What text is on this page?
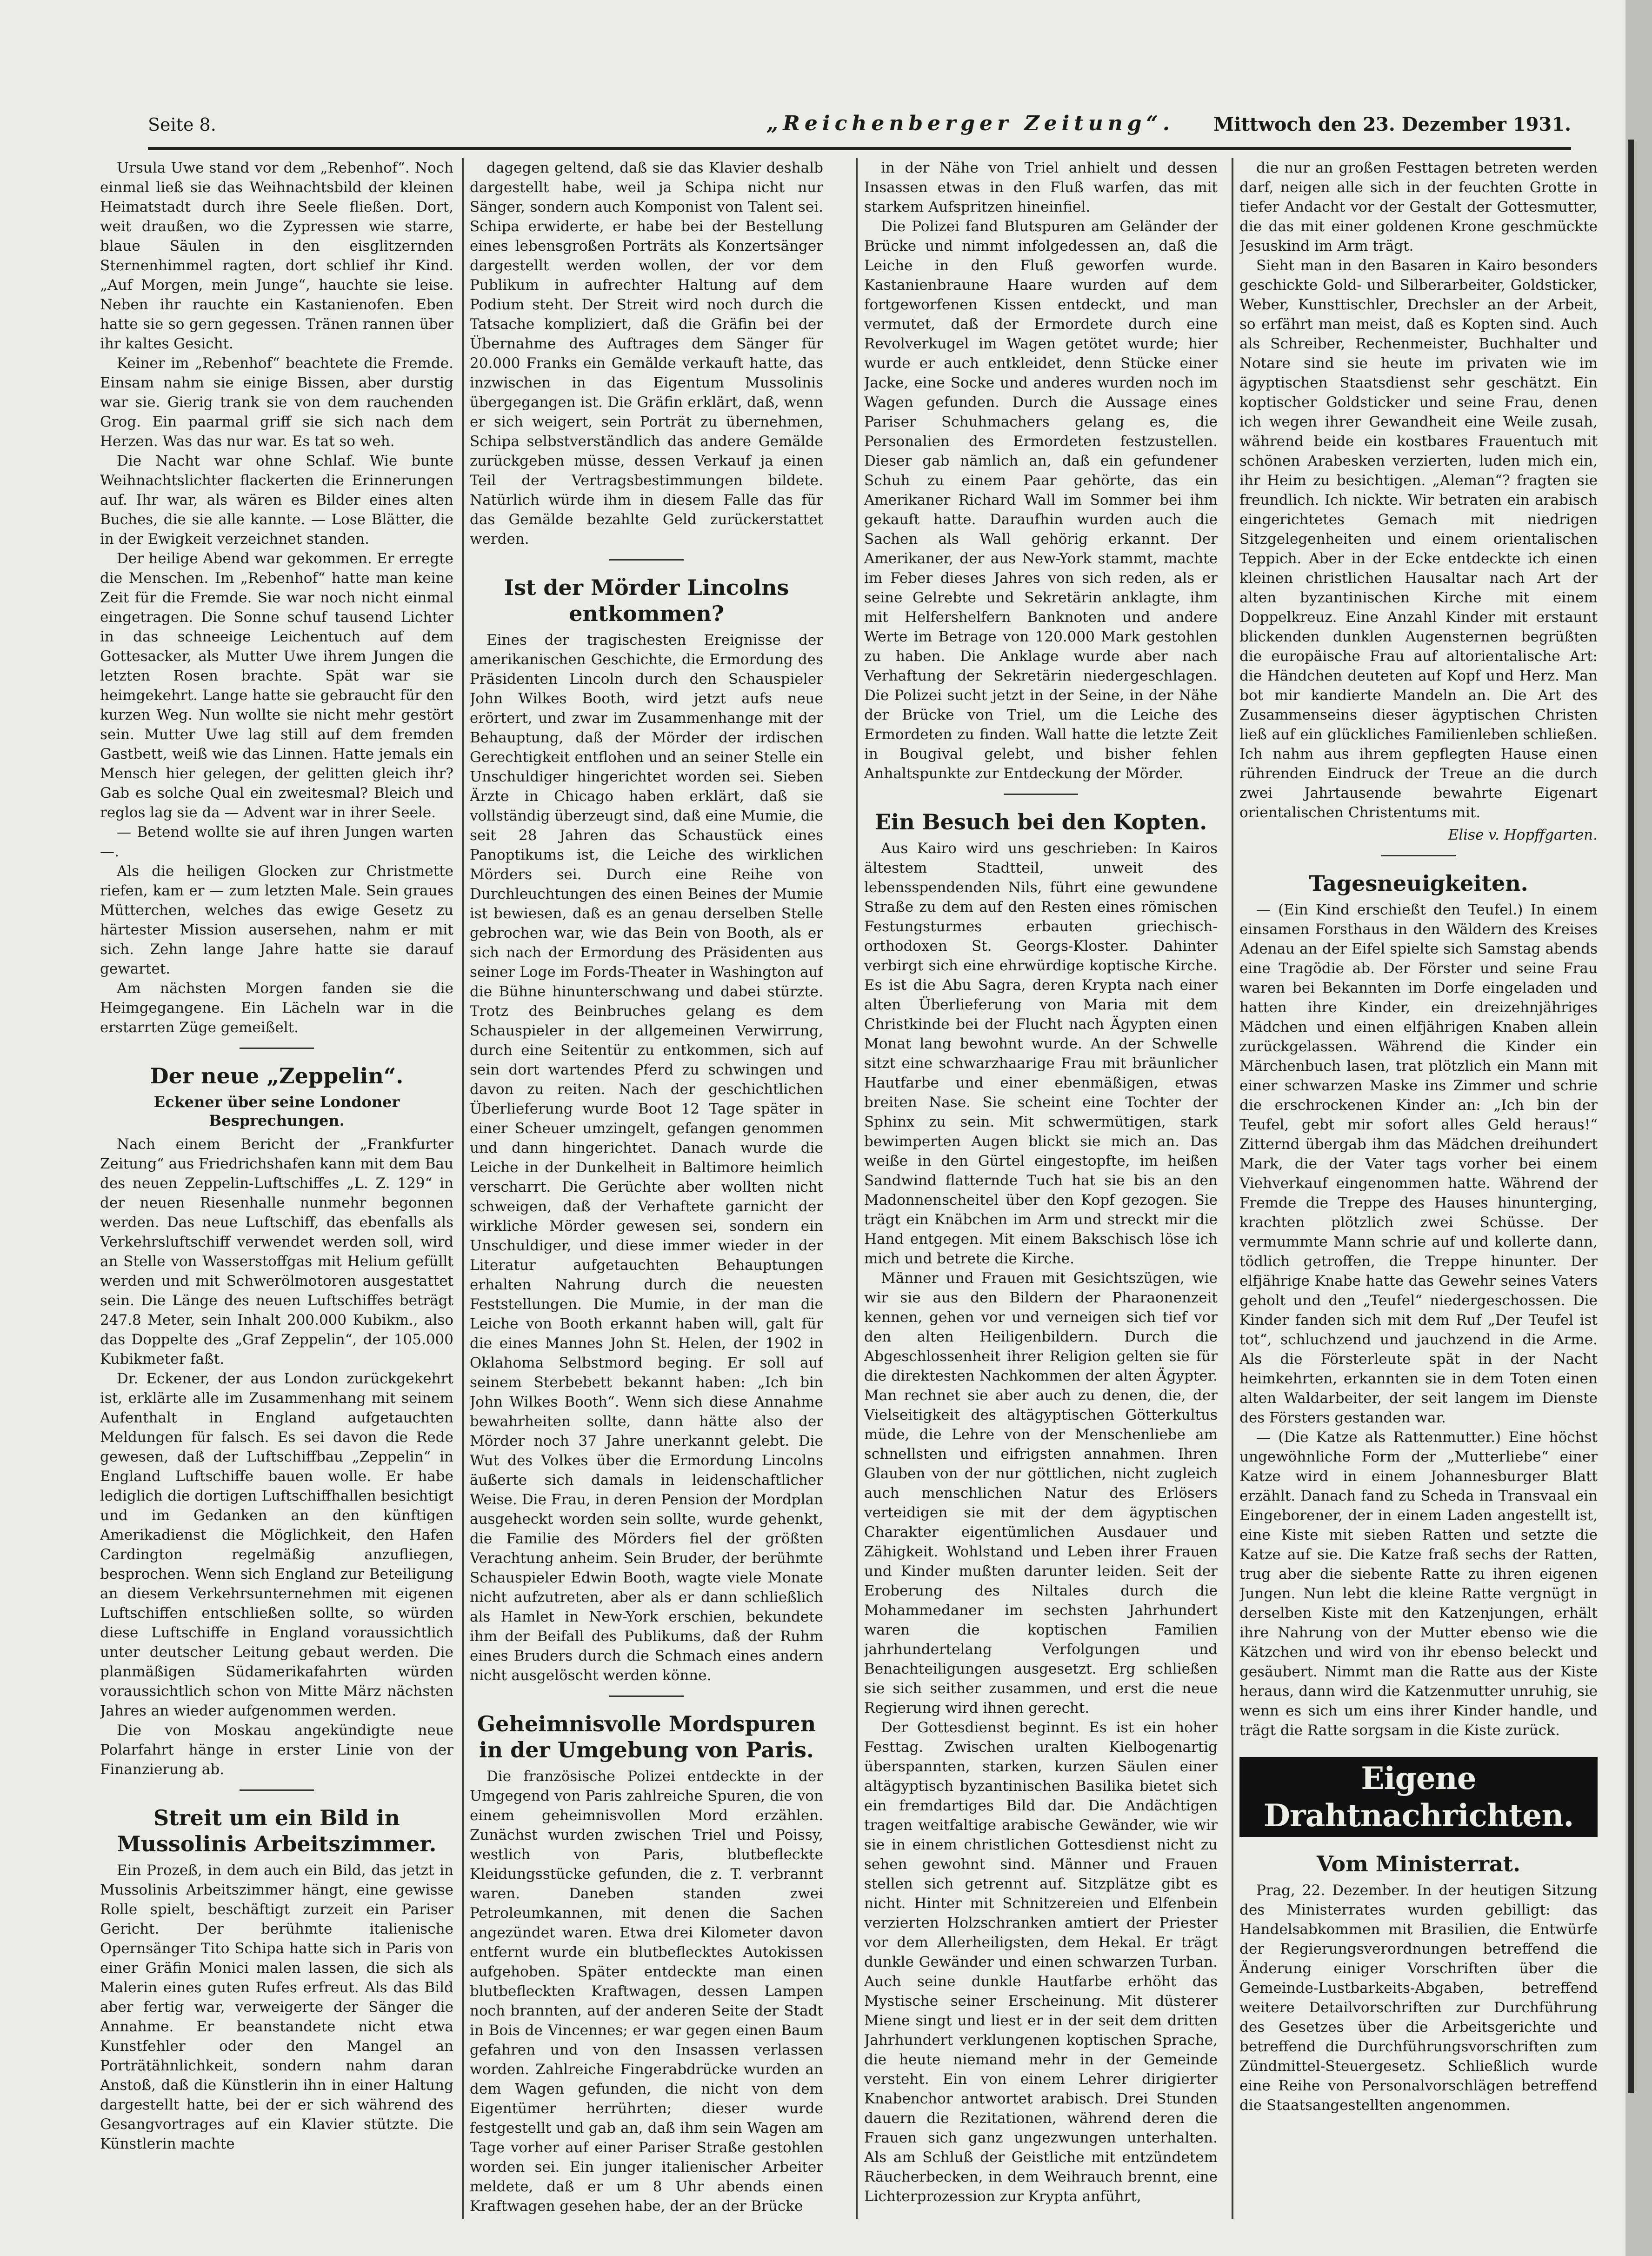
Seite 8.	„Reichenberger Zeitung“. Mittwoch den 23. Dezember 1931.

Ursula Uwe stand vor dem „Rebenhof“. Noch einmal ließ sie das Weihnachtsbild der kleinen Heimatstadt durch ihre Seele fließen. Dort, weit draußen, wo die Zypressen wie starre, blaue Säulen in den eisglitzernden Sternenhimmel ragten, dort schlief ihr Kind. „Auf Morgen, mein Junge“, hauchte sie leise. Neben ihr rauchte ein Kastanienofen. Eben hatte sie so gern gegessen. Tränen rannen über ihr kaltes Gesicht.

Keiner im „Rebenhof“ beachtete die Fremde. Einsam nahm sie einige Bissen, aber durstig war sie. Gierig trank sie von dem rauchenden Grog. Ein paarmal griff sie sich nach dem Herzen. Was das nur war. Es tat so weh.

Die Nacht war ohne Schlaf. Wie bunte Weihnachtslichter flackerten die Erinnerungen auf. Ihr war, als wären es Bilder eines alten Buches, die sie alle kannte. — Lose Blätter, die in der Ewigkeit verzeichnet standen.

Der heilige Abend war gekommen. Er erregte die Menschen. Im „Rebenhof“ hatte man keine Zeit für die Fremde. Sie war noch nicht einmal eingetragen. Die Sonne schuf tausend Lichter in das schneeige Leichentuch auf dem Gottesacker, als Mutter Uwe ihrem Jungen die letzten Rosen brachte. Spät war sie heimgekehrt. Lange hatte sie gebraucht für den kurzen Weg. Nun wollte sie nicht mehr gestört sein. Mutter Uwe lag still auf dem fremden Gastbett, weiß wie das Linnen. Hatte jemals ein Mensch hier gelegen, der gelitten gleich ihr? Gab es solche Qual ein zweitesmal? Bleich und reglos lag sie da — Advent war in ihrer Seele.

— Betend wollte sie auf ihren Jungen warten —.

Als die heiligen Glocken zur Christmette riefen, kam er — zum letzten Male. Sein graues Mütterchen, welches das ewige Gesetz zu härtester Mission ausersehen, nahm er mit sich. Zehn lange Jahre hatte sie darauf gewartet.

Am nächsten Morgen fanden sie die Heimgegangene. Ein Lächeln war in die erstarrten Züge gemeißelt.

Der neue „Zeppelin“.
Eckener über seine Londoner Besprechungen.

Nach einem Bericht der „Frankfurter Zeitung“ aus Friedrichshafen kann mit dem Bau des neuen Zeppelin-Luftschiffes „L. Z. 129“ in der neuen Riesenhalle nunmehr begonnen werden. Das neue Luftschiff, das ebenfalls als Verkehrsluftschiff verwendet werden soll, wird an Stelle von Wasserstoffgas mit Helium gefüllt werden und mit Schwerölmotoren ausgestattet sein. Die Länge des neuen Luftschiffes beträgt 247.8 Meter, sein Inhalt 200.000 Kubikm., also das Doppelte des „Graf Zeppelin“, der 105.000 Kubikmeter faßt.

Dr. Eckener, der aus London zurückgekehrt ist, erklärte alle im Zusammenhang mit seinem Aufenthalt in England aufgetauchten Meldungen für falsch. Es sei davon die Rede gewesen, daß der Luftschiffbau „Zeppelin“ in England Luftschiffe bauen wolle. Er habe lediglich die dortigen Luftschiffhallen besichtigt und im Gedanken an den künftigen Amerikadienst die Möglichkeit, den Hafen Cardington regelmäßig anzufliegen, besprochen. Wenn sich England zur Beteiligung an diesem Verkehrsunternehmen mit eigenen Luftschiffen entschließen sollte, so würden diese Luftschiffe in England voraussichtlich unter deutscher Leitung gebaut werden. Die planmäßigen Südamerikafahrten würden voraussichtlich schon von Mitte März nächsten Jahres an wieder aufgenommen werden.

Die von Moskau angekündigte neue Polarfahrt hänge in erster Linie von der Finanzierung ab.

Streit um ein Bild in Mussolinis Arbeitszimmer.

Ein Prozeß, in dem auch ein Bild, das jetzt in Mussolinis Arbeitszimmer hängt, eine gewisse Rolle spielt, beschäftigt zurzeit ein Pariser Gericht. Der berühmte italienische Opernsänger Tito Schipa hatte sich in Paris von einer Gräfin Monici malen lassen, die sich als Malerin eines guten Rufes erfreut. Als das Bild aber fertig war, verweigerte der Sänger die Annahme. Er beanstandete nicht etwa Kunstfehler oder den Mangel an Porträtähnlichkeit, sondern nahm daran Anstoß, daß die Künstlerin ihn in einer Haltung dargestellt hatte, bei der er sich während des Gesangvortrages auf ein Klavier stützte. Die Künstlerin machte

dagegen geltend, daß sie das Klavier deshalb dargestellt habe, weil ja Schipa nicht nur Sänger, sondern auch Komponist von Talent sei. Schipa erwiderte, er habe bei der Bestellung eines lebensgroßen Porträts als Konzertsänger dargestellt werden wollen, der vor dem Publikum in aufrechter Haltung auf dem Podium steht. Der Streit wird noch durch die Tatsache kompliziert, daß die Gräfin bei der Übernahme des Auftrages dem Sänger für 20.000 Franks ein Gemälde verkauft hatte, das inzwischen in das Eigentum Mussolinis übergegangen ist. Die Gräfin erklärt, daß, wenn er sich weigert, sein Porträt zu übernehmen, Schipa selbstverständlich das andere Gemälde zurückgeben müsse, dessen Verkauf ja einen Teil der Vertragsbestimmungen bildete. Natürlich würde ihm in diesem Falle das für das Gemälde bezahlte Geld zurückerstattet werden.

Ist der Mörder Lincolns entkommen?

Eines der tragischesten Ereignisse der amerikanischen Geschichte, die Ermordung des Präsidenten Lincoln durch den Schauspieler John Wilkes Booth, wird jetzt aufs neue erörtert, und zwar im Zusammenhange mit der Behauptung, daß der Mörder der irdischen Gerechtigkeit entflohen und an seiner Stelle ein Unschuldiger hingerichtet worden sei. Sieben Ärzte in Chicago haben erklärt, daß sie vollständig überzeugt sind, daß eine Mumie, die seit 28 Jahren das Schaustück eines Panoptikums ist, die Leiche des wirklichen Mörders sei. Durch eine Reihe von Durchleuchtungen des einen Beines der Mumie ist bewiesen, daß es an genau derselben Stelle gebrochen war, wie das Bein von Booth, als er sich nach der Ermordung des Präsidenten aus seiner Loge im Fords-Theater in Washington auf die Bühne hinunterschwang und dabei stürzte. Trotz des Beinbruches gelang es dem Schauspieler in der allgemeinen Verwirrung, durch eine Seitentür zu entkommen, sich auf sein dort wartendes Pferd zu schwingen und davon zu reiten. Nach der geschichtlichen Überlieferung wurde Boot 12 Tage später in einer Scheuer umzingelt, gefangen genommen und dann hingerichtet. Danach wurde die Leiche in der Dunkelheit in Baltimore heimlich verscharrt. Die Gerüchte aber wollten nicht schweigen, daß der Verhaftete garnicht der wirkliche Mörder gewesen sei, sondern ein Unschuldiger, und diese immer wieder in der Literatur aufgetauchten Behauptungen erhalten Nahrung durch die neuesten Feststellungen. Die Mumie, in der man die Leiche von Booth erkannt haben will, galt für die eines Mannes John St. Helen, der 1902 in Oklahoma Selbstmord beging. Er soll auf seinem Sterbebett bekannt haben: „Ich bin John Wilkes Booth“. Wenn sich diese Annahme bewahrheiten sollte, dann hätte also der Mörder noch 37 Jahre unerkannt gelebt. Die Wut des Volkes über die Ermordung Lincolns äußerte sich damals in leidenschaftlicher Weise. Die Frau, in deren Pension der Mordplan ausgeheckt worden sein sollte, wurde gehenkt, die Familie des Mörders fiel der größten Verachtung anheim. Sein Bruder, der berühmte Schauspieler Edwin Booth, wagte viele Monate nicht aufzutreten, aber als er dann schließlich als Hamlet in New-York erschien, bekundete ihm der Beifall des Publikums, daß der Ruhm eines Bruders durch die Schmach eines andern nicht ausgelöscht werden könne.

Geheimnisvolle Mordspuren in der Umgebung von Paris.

Die französische Polizei entdeckte in der Umgegend von Paris zahlreiche Spuren, die von einem geheimnisvollen Mord erzählen. Zunächst wurden zwischen Triel und Poissy, westlich von Paris, blutbefleckte Kleidungsstücke gefunden, die z. T. verbrannt waren. Daneben standen zwei Petroleumkannen, mit denen die Sachen angezündet waren. Etwa drei Kilometer davon entfernt wurde ein blutbeflecktes Autokissen aufgehoben. Später entdeckte man einen blutbefleckten Kraftwagen, dessen Lampen noch brannten, auf der anderen Seite der Stadt in Bois de Vincennes; er war gegen einen Baum gefahren und von den Insassen verlassen worden. Zahlreiche Fingerabdrücke wurden an dem Wagen gefunden, die nicht von dem Eigentümer herrührten; dieser wurde festgestellt und gab an, daß ihm sein Wagen am Tage vorher auf einer Pariser Straße gestohlen worden sei. Ein junger italienischer Arbeiter meldete, daß er um 8 Uhr abends einen Kraftwagen gesehen habe, der an der Brücke

in der Nähe von Triel anhielt und dessen Insassen etwas in den Fluß warfen, das mit starkem Aufspritzen hineinfiel.

Die Polizei fand Blutspuren am Geländer der Brücke und nimmt infolgedessen an, daß die Leiche in den Fluß geworfen wurde. Kastanienbraune Haare wurden auf dem fortgeworfenen Kissen entdeckt, und man vermutet, daß der Ermordete durch eine Revolverkugel im Wagen getötet wurde; hier wurde er auch entkleidet, denn Stücke einer Jacke, eine Socke und anderes wurden noch im Wagen gefunden. Durch die Aussage eines Pariser Schuhmachers gelang es, die Personalien des Ermordeten festzustellen. Dieser gab nämlich an, daß ein gefundener Schuh zu einem Paar gehörte, das ein Amerikaner Richard Wall im Sommer bei ihm gekauft hatte. Daraufhin wurden auch die Sachen als Wall gehörig erkannt. Der Amerikaner, der aus New-York stammt, machte im Feber dieses Jahres von sich reden, als er seine Gelrebte und Sekretärin anklagte, ihm mit Helfershelfern Banknoten und andere Werte im Betrage von 120.000 Mark gestohlen zu haben. Die Anklage wurde aber nach Verhaftung der Sekretärin niedergeschlagen. Die Polizei sucht jetzt in der Seine, in der Nähe der Brücke von Triel, um die Leiche des Ermordeten zu finden. Wall hatte die letzte Zeit in Bougival gelebt, und bisher fehlen Anhaltspunkte zur Entdeckung der Mörder.

Ein Besuch bei den Kopten.

Aus Kairo wird uns geschrieben: In Kairos ältestem Stadtteil, unweit des lebensspendenden Nils, führt eine gewundene Straße zu dem auf den Resten eines römischen Festungsturmes erbauten griechisch-orthodoxen St. Georgs-Kloster. Dahinter verbirgt sich eine ehrwürdige koptische Kirche. Es ist die Abu Sagra, deren Krypta nach einer alten Überlieferung von Maria mit dem Christkinde bei der Flucht nach Ägypten einen Monat lang bewohnt wurde. An der Schwelle sitzt eine schwarzhaarige Frau mit bräunlicher Hautfarbe und einer ebenmäßigen, etwas breiten Nase. Sie scheint eine Tochter der Sphinx zu sein. Mit schwermütigen, stark bewimperten Augen blickt sie mich an. Das weiße in den Gürtel eingestopfte, im heißen Sandwind flatternde Tuch hat sie bis an den Madonnenscheitel über den Kopf gezogen. Sie trägt ein Knäbchen im Arm und streckt mir die Hand entgegen. Mit einem Bakschisch löse ich mich und betrete die Kirche.

Männer und Frauen mit Gesichtszügen, wie wir sie aus den Bildern der Pharaonenzeit kennen, gehen vor und verneigen sich tief vor den alten Heiligenbildern. Durch die Abgeschlossenheit ihrer Religion gelten sie für die direktesten Nachkommen der alten Ägypter. Man rechnet sie aber auch zu denen, die, der Vielseitigkeit des altägyptischen Götterkultus müde, die Lehre von der Menschenliebe am schnellsten und eifrigsten annahmen. Ihren Glauben von der nur göttlichen, nicht zugleich auch menschlichen Natur des Erlösers verteidigen sie mit der dem ägyptischen Charakter eigentümlichen Ausdauer und Zähigkeit. Wohlstand und Leben ihrer Frauen und Kinder mußten darunter leiden. Seit der Eroberung des Niltales durch die Mohammedaner im sechsten Jahrhundert waren die koptischen Familien jahrhundertelang Verfolgungen und Benachteiligungen ausgesetzt. Erg schließen sie sich seither zusammen, und erst die neue Regierung wird ihnen gerecht.

Der Gottesdienst beginnt. Es ist ein hoher Festtag. Zwischen uralten Kielbogenartig überspannten, starken, kurzen Säulen einer altägyptisch byzantinischen Basilika bietet sich ein fremdartiges Bild dar. Die Andächtigen tragen weitfaltige arabische Gewänder, wie wir sie in einem christlichen Gottesdienst nicht zu sehen gewohnt sind. Männer und Frauen stellen sich getrennt auf. Sitzplätze gibt es nicht. Hinter mit Schnitzereien und Elfenbein verzierten Holzschranken amtiert der Priester vor dem Allerheiligsten, dem Hekal. Er trägt dunkle Gewänder und einen schwarzen Turban. Auch seine dunkle Hautfarbe erhöht das Mystische seiner Erscheinung. Mit düsterer Miene singt und liest er in der seit dem dritten Jahrhundert verklungenen koptischen Sprache, die heute niemand mehr in der Gemeinde versteht. Ein von einem Lehrer dirigierter Knabenchor antwortet arabisch. Drei Stunden dauern die Rezitationen, während deren die Frauen sich ganz ungezwungen unterhalten. Als am Schluß der Geistliche mit entzündetem Räucherbecken, in dem Weihrauch brennt, eine Lichterprozession zur Krypta anführt,

die nur an großen Festtagen betreten werden darf, neigen alle sich in der feuchten Grotte in tiefer Andacht vor der Gestalt der Gottesmutter, die das mit einer goldenen Krone geschmückte Jesuskind im Arm trägt.

Sieht man in den Basaren in Kairo besonders geschickte Gold- und Silberarbeiter, Goldsticker, Weber, Kunsttischler, Drechsler an der Arbeit, so erfährt man meist, daß es Kopten sind. Auch als Schreiber, Rechenmeister, Buchhalter und Notare sind sie heute im privaten wie im ägyptischen Staatsdienst sehr geschätzt. Ein koptischer Goldsticker und seine Frau, denen ich wegen ihrer Gewandheit eine Weile zusah, während beide ein kostbares Frauentuch mit schönen Arabesken verzierten, luden mich ein, ihr Heim zu besichtigen. „Aleman“? fragten sie freundlich. Ich nickte. Wir betraten ein arabisch eingerichtetes Gemach mit niedrigen Sitzgelegenheiten und einem orientalischen Teppich. Aber in der Ecke entdeckte ich einen kleinen christlichen Hausaltar nach Art der alten byzantinischen Kirche mit einem Doppelkreuz. Eine Anzahl Kinder mit erstaunt blickenden dunklen Augensternen begrüßten die europäische Frau auf altorientalische Art: die Händchen deuteten auf Kopf und Herz. Man bot mir kandierte Mandeln an. Die Art des Zusammenseins dieser ägyptischen Christen ließ auf ein glückliches Familienleben schließen. Ich nahm aus ihrem gepflegten Hause einen rührenden Eindruck der Treue an die durch zwei Jahrtausende bewahrte Eigenart orientalischen Christentums mit.

Elise v. Hopffgarten.
Tagesneuigkeiten.

— (Ein Kind erschießt den Teufel.) In einem einsamen Forsthaus in den Wäldern des Kreises Adenau an der Eifel spielte sich Samstag abends eine Tragödie ab. Der Förster und seine Frau waren bei Bekannten im Dorfe eingeladen und hatten ihre Kinder, ein dreizehnjähriges Mädchen und einen elfjährigen Knaben allein zurückgelassen. Während die Kinder ein Märchenbuch lasen, trat plötzlich ein Mann mit einer schwarzen Maske ins Zimmer und schrie die erschrockenen Kinder an: „Ich bin der Teufel, gebt mir sofort alles Geld heraus!“ Zitternd übergab ihm das Mädchen dreihundert Mark, die der Vater tags vorher bei einem Viehverkauf eingenommen hatte. Während der Fremde die Treppe des Hauses hinunterging, krachten plötzlich zwei Schüsse. Der vermummte Mann schrie auf und kollerte dann, tödlich getroffen, die Treppe hinunter. Der elfjährige Knabe hatte das Gewehr seines Vaters geholt und den „Teufel“ niedergeschossen. Die Kinder fanden sich mit dem Ruf „Der Teufel ist tot“, schluchzend und jauchzend in die Arme. Als die Försterleute spät in der Nacht heimkehrten, erkannten sie in dem Toten einen alten Waldarbeiter, der seit langem im Dienste des Försters gestanden war.

— (Die Katze als Rattenmutter.) Eine höchst ungewöhnliche Form der „Mutterliebe“ einer Katze wird in einem Johannesburger Blatt erzählt. Danach fand zu Scheda in Transvaal ein Eingeborener, der in einem Laden angestellt ist, eine Kiste mit sieben Ratten und setzte die Katze auf sie. Die Katze fraß sechs der Ratten, trug aber die siebente Ratte zu ihren eigenen Jungen. Nun lebt die kleine Ratte vergnügt in derselben Kiste mit den Katzenjungen, erhält ihre Nahrung von der Mutter ebenso wie die Kätzchen und wird von ihr ebenso beleckt und gesäubert. Nimmt man die Ratte aus der Kiste heraus, dann wird die Katzenmutter unruhig, sie wenn es sich um eins ihrer Kinder handle, und trägt die Ratte sorgsam in die Kiste zurück.

Eigene Drahtnachrichten.
Vom Ministerrat.

Prag, 22. Dezember. In der heutigen Sitzung des Ministerrates wurden gebilligt: das Handelsabkommen mit Brasilien, die Entwürfe der Regierungsverordnungen betreffend die Änderung einiger Vorschriften über die Gemeinde-Lustbarkeits-Abgaben, betreffend weitere Detailvorschriften zur Durchführung des Gesetzes über die Arbeitsgerichte und betreffend die Durchführungsvorschriften zum Zündmittel-Steuergesetz. Schließlich wurde eine Reihe von Personalvorschlägen betreffend die Staatsangestellten angenommen.
